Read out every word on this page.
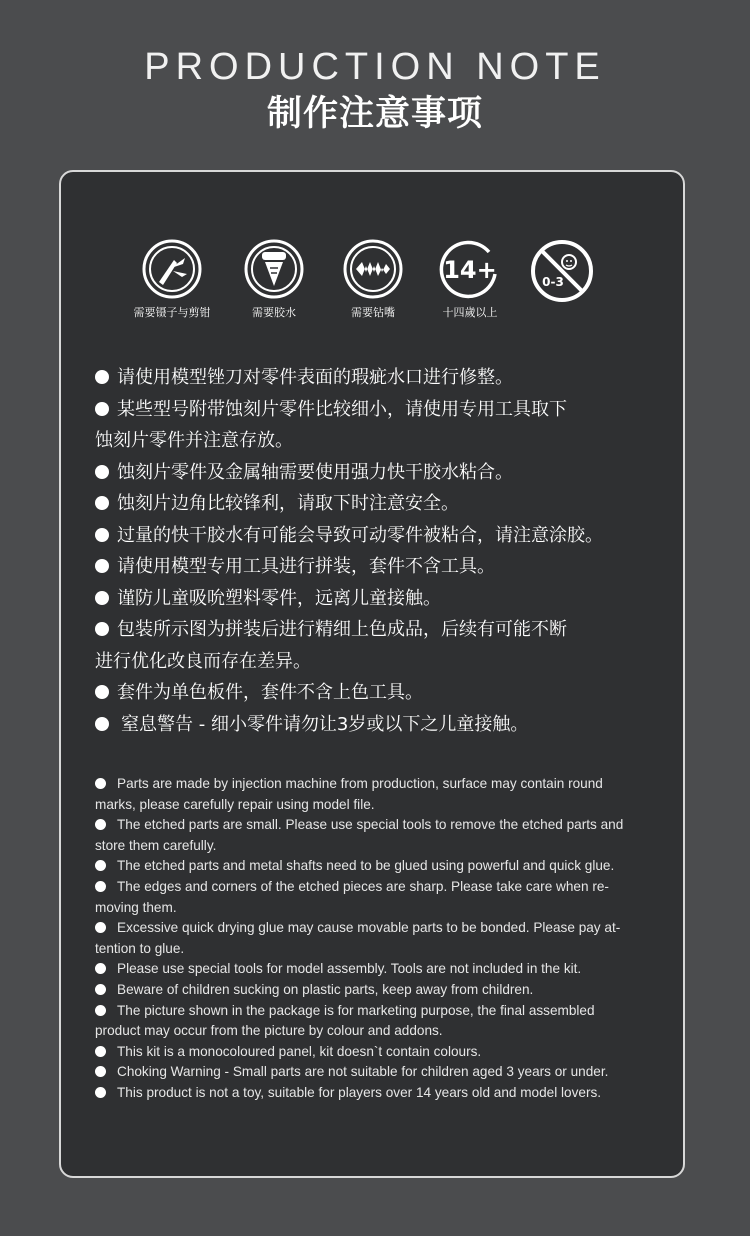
PRODUCTION NOTE
制作注意事项
需要镊子与剪钳	需要胶水	需要钻嘴
14+
十四歲以上
0-3
请使用模型锉刀对零件表面的瑕疵水口进行修整。
某些型号附带蚀刻片零件比较细小，请使用专用工具取下
蚀刻片零件并注意存放。
蚀刻片零件及金属轴需要使用强力快干胶水粘合。
蚀刻片边角比较锋利，请取下时注意安全。
过量的快干胶水有可能会导致可动零件被粘合，请注意涂胶。
请使用模型专用工具进行拼装，套件不含工具。
谨防儿童吸吮塑料零件，远离儿童接触。
包装所示图为拼装后进行精细上色成品，后续有可能不断
进行优化改良而存在差异。
套件为单色板件，套件不含上色工具。
窒息警告 - 细小零件请勿让3岁或以下之儿童接触。
Parts are made by injection machine from production, surface may contain round
marks, please carefully repair using model file.
The etched parts are small. Please use special tools to remove the etched parts and
store them carefully.
The etched parts and metal shafts need to be glued using powerful and quick glue.
The edges and corners of the etched pieces are sharp. Please take care when re-
moving them.
Excessive quick drying glue may cause movable parts to be bonded. Please pay at-
tention to glue.
Please use special tools for model assembly. Tools are not included in the kit.
Beware of children sucking on plastic parts, keep away from children.
The picture shown in the package is for marketing purpose, the final assembled
product may occur from the picture by colour and addons.
This kit is a monocoloured panel, kit doesn`t contain colours.
Choking Warning - Small parts are not suitable for children aged 3 years or under.
This product is not a toy, suitable for players over 14 years old and model lovers.
